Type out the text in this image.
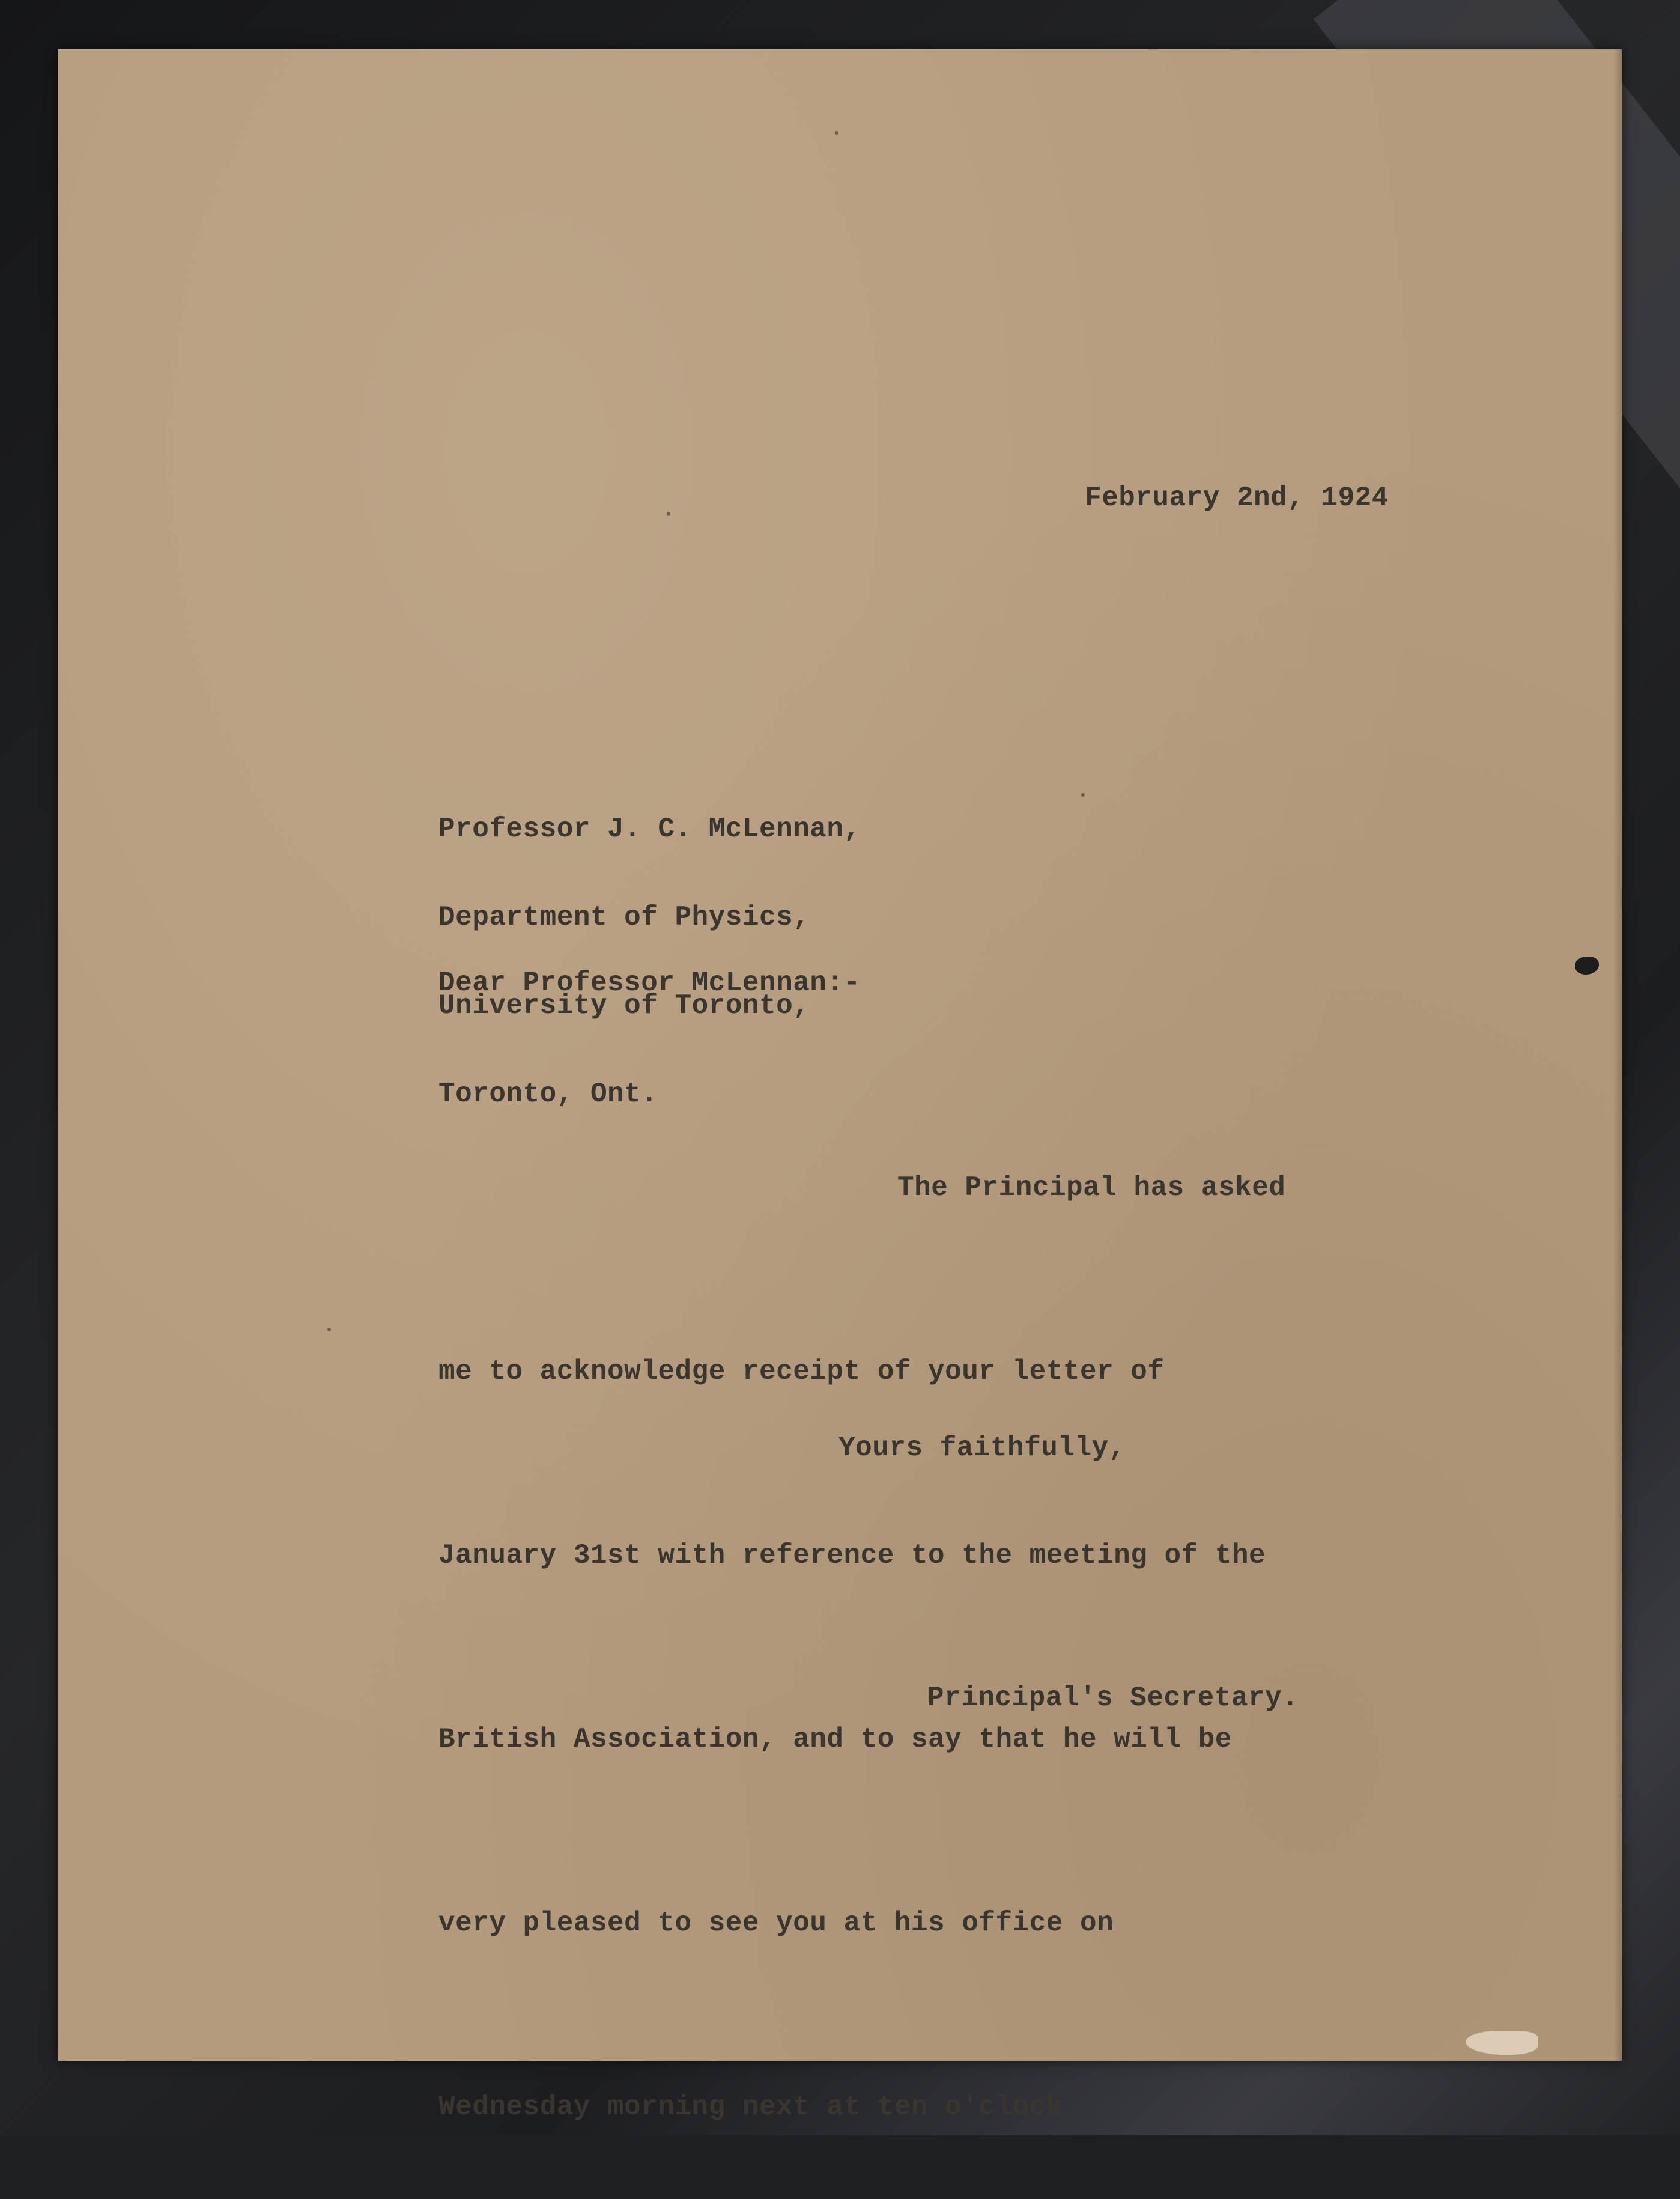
February 2nd, 1924

Professor J. C. McLennan,

Department of Physics,

University of Toronto,

Toronto, Ont.

Dear Professor McLennan:-

The Principal has asked

me to acknowledge receipt of your letter of

January 31st with reference to the meeting of the

British Association, and to say that he will be

very pleased to see you at his office on

Wednesday morning next at ten o'clock.

Yours faithfully,
Principal's Secretary.
